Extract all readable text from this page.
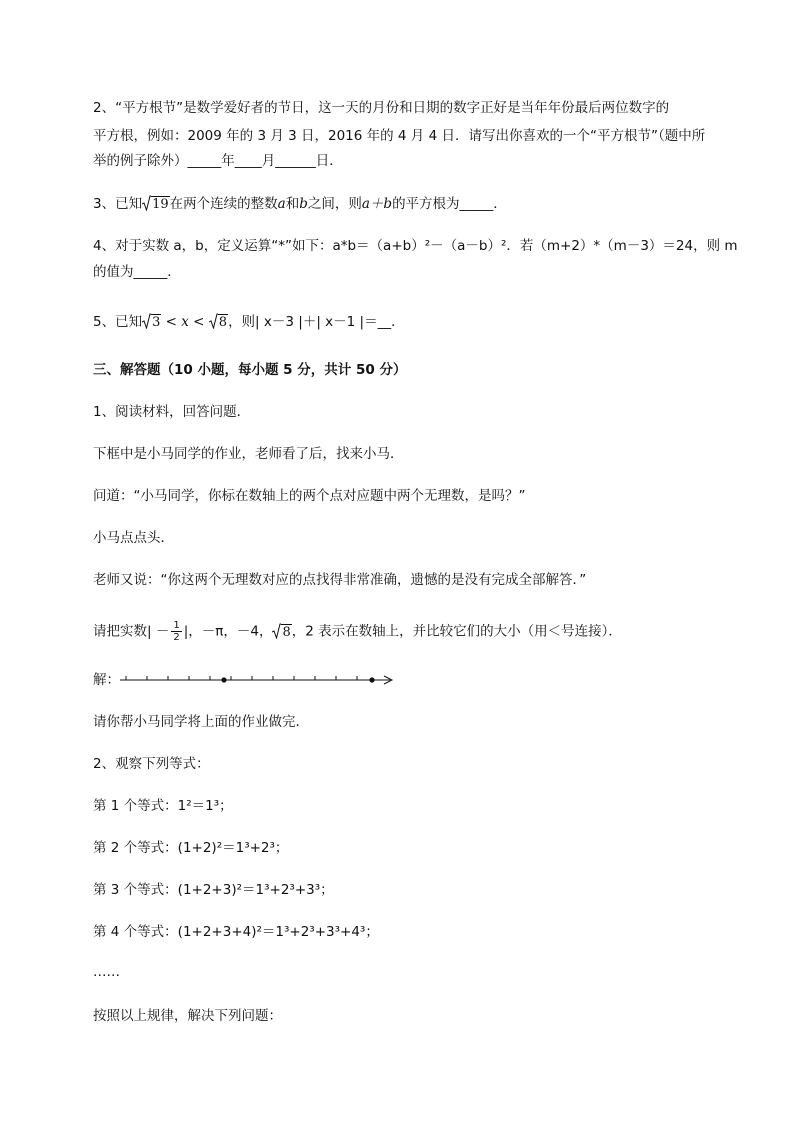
2、“平方根节”是数学爱好者的节日，这一天的月份和日期的数字正好是当年年份最后两位数字的
平方根，例如：2009 年的 3 月 3 日，2016 年的 4 月 4 日．请写出你喜欢的一个“平方根节”（题中所
举的例子除外）_____年____月______日．
3、已知 19在两个连续的整数a和b之间，则a＋b的平方根为_____．
4、对于实数 a，b，定义运算“*”如下：a*b＝（a+b）²－（a－b）²．若（m+2）*（m－3）＝24，则 m
的值为_____．
5、已知 3 < x < 8，则| x－3 |＋| x－1 |＝__．
三、解答题（10 小题，每小题 5 分，共计 50 分）
1、阅读材料，回答问题．
下框中是小马同学的作业，老师看了后，找来小马．
问道：“小马同学，你标在数轴上的两个点对应题中两个无理数，是吗？”
小马点点头．
老师又说：“你这两个无理数对应的点找得非常准确，遗憾的是没有完成全部解答．”
请把实数| － $\frac{1}{2}$ |，－π，－4， 8，2 表示在数轴上，并比较它们的大小（用＜号连接）．
解：
请你帮小马同学将上面的作业做完．
2、观察下列等式：
第 1 个等式：1²＝1³；
第 2 个等式：(1+2)²＝1³+2³；
第 3 个等式：(1+2+3)²＝1³+2³+3³；
第 4 个等式：(1+2+3+4)²＝1³+2³+3³+4³；
……
按照以上规律，解决下列问题：
